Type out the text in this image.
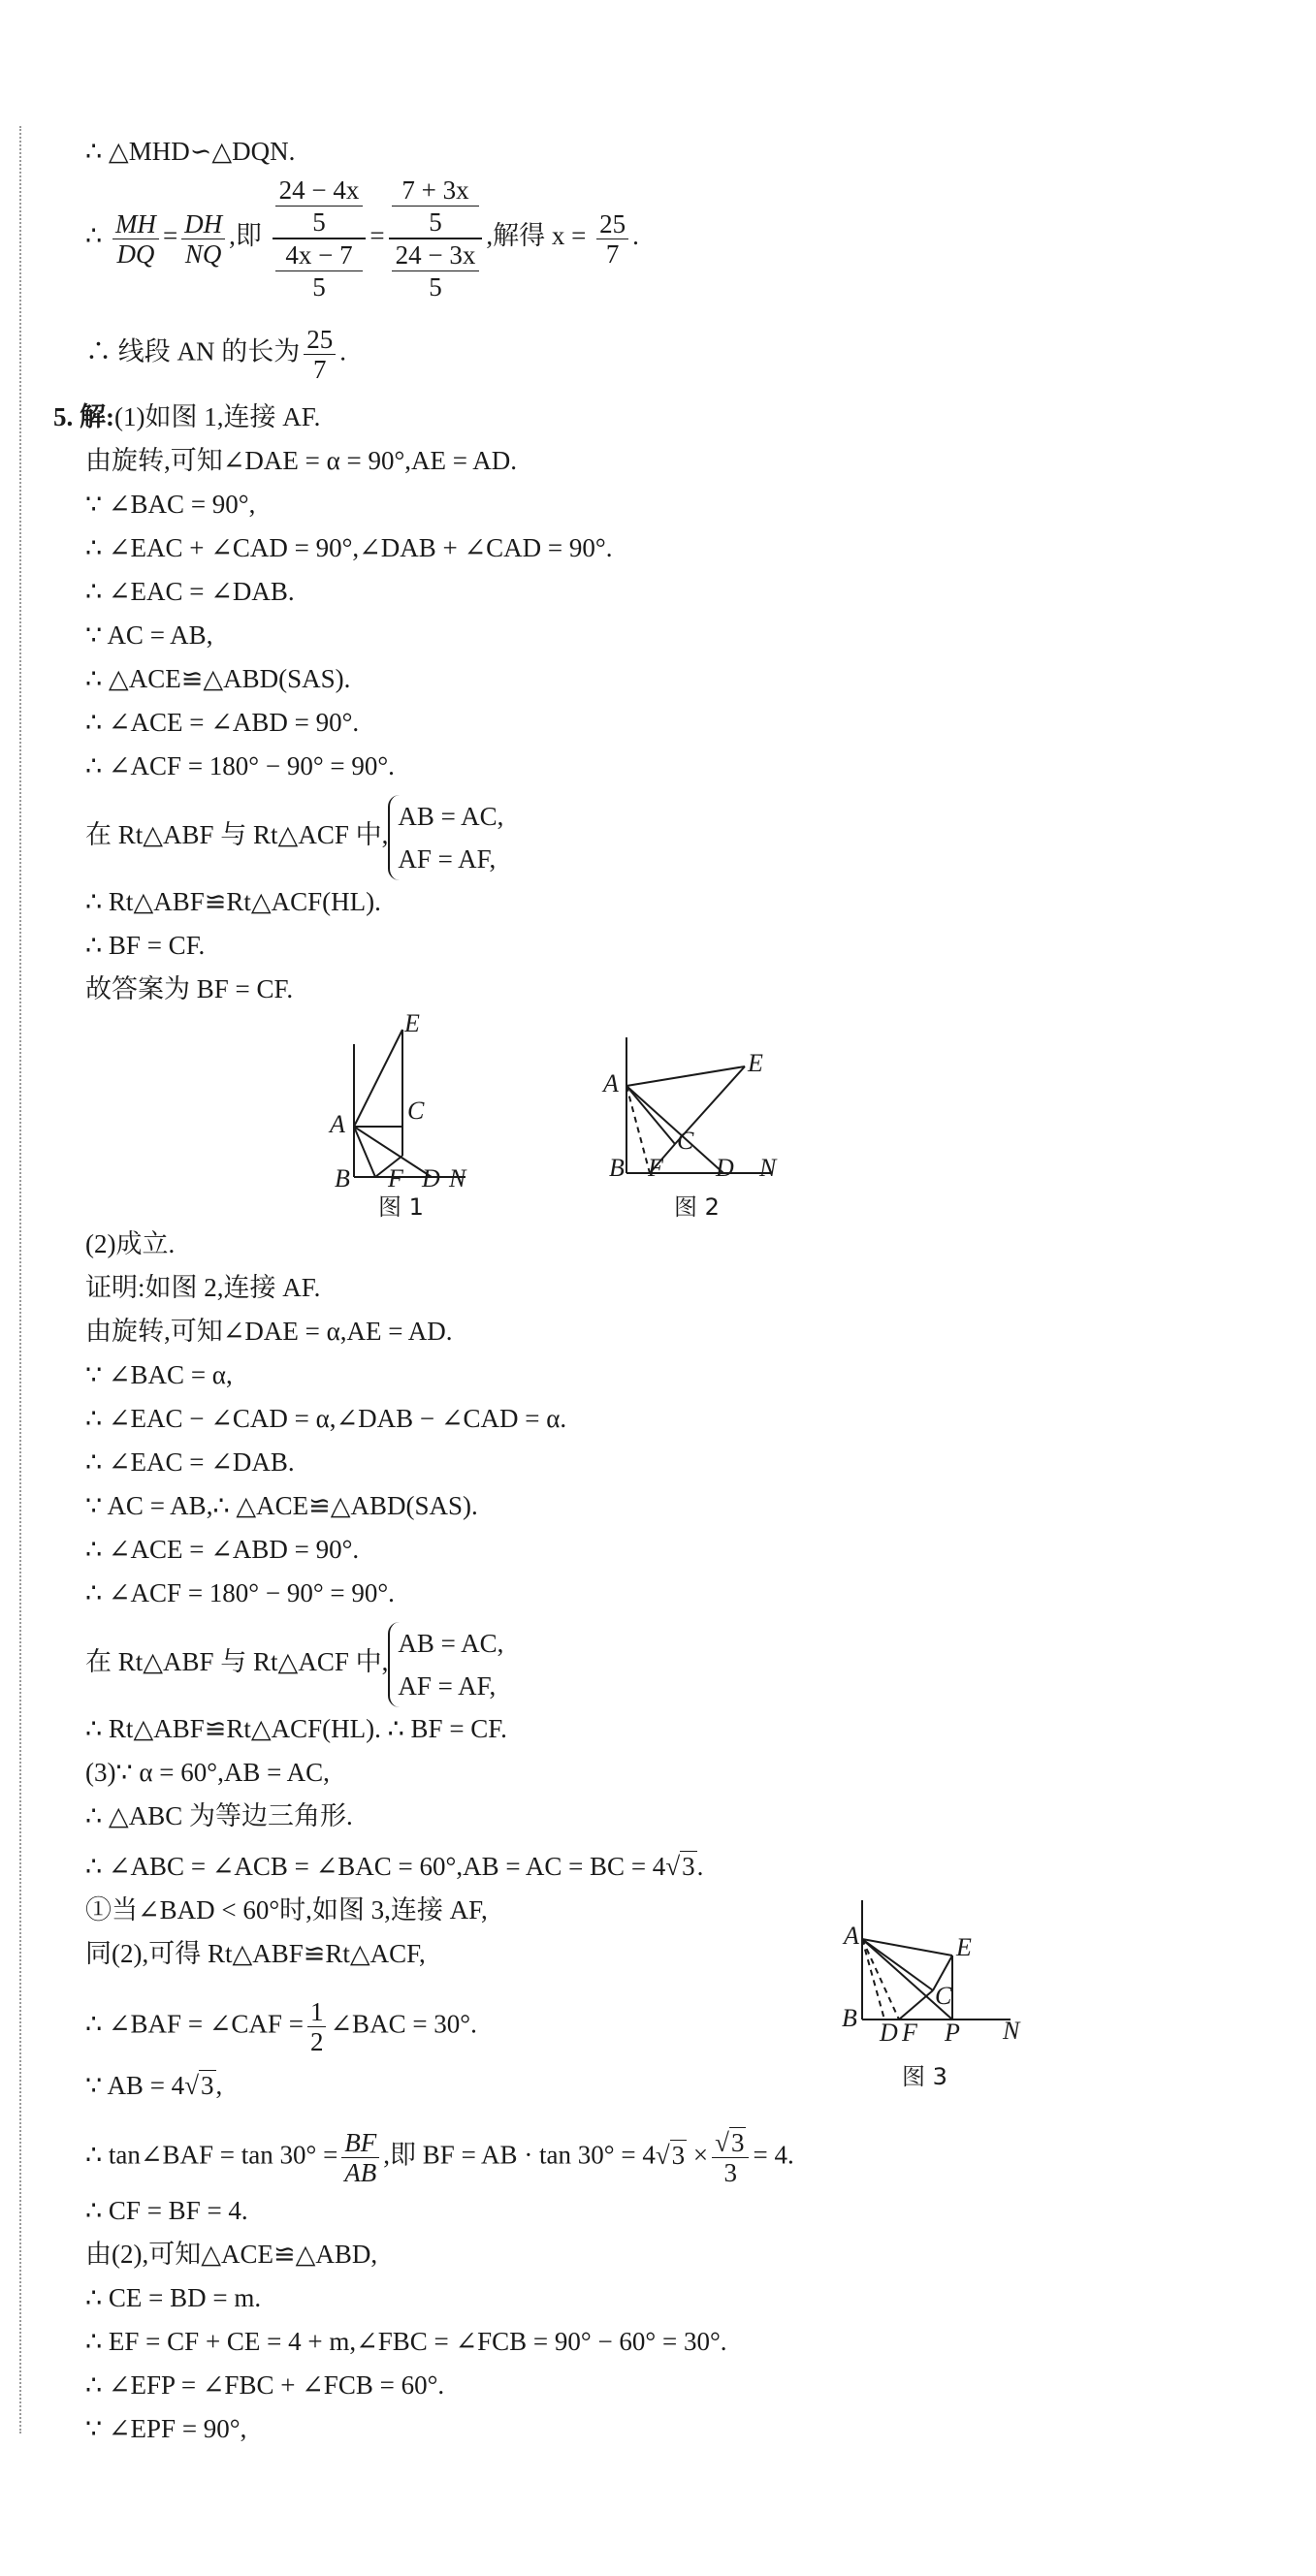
∴ △MHD∽△DQN.
∴ $\frac{MH}{DQ} = \frac{DH}{NQ}$ ,即 24 − 4x
5
4x − 7
5 = 7 + 3x
5
24 − 3x
5 ,解得 $x = \frac{25}{7}$ .
∴ 线段 AN 的长为 $\frac{25}{7}$ .
5. 解:(1)如图 1,连接 AF.
由旋转,可知∠DAE = α = 90°,AE = AD.
∵ ∠BAC = 90°,
∴ ∠EAC + ∠CAD = 90°,∠DAB + ∠CAD = 90°.
∴ ∠EAC = ∠DAB.
∵ AC = AB,
∴ △ACE≌△ABD(SAS).
∴ ∠ACE = ∠ABD = 90°.
∴ ∠ACF = 180° − 90° = 90°.
在 Rt△ABF 与 Rt△ACF 中,
AB = AC,
AF = AF,
∴ Rt△ABF≌Rt△ACF(HL).
∴ BF = CF.
故答案为 BF = CF.
E
A C
B F D N
图 1
A
E
C
B F D N
图 2
(2)成立.
证明:如图 2,连接 AF.
由旋转,可知∠DAE = α,AE = AD.
∵ ∠BAC = α,
∴ ∠EAC − ∠CAD = α,∠DAB − ∠CAD = α.
∴ ∠EAC = ∠DAB.
∵ AC = AB,∴ △ACE≌△ABD(SAS).
∴ ∠ACE = ∠ABD = 90°.
∴ ∠ACF = 180° − 90° = 90°.
在 Rt△ABF 与 Rt△ACF 中,
AB = AC,
AF = AF,
∴ Rt△ABF≌Rt△ACF(HL). ∴ BF = CF.
(3)∵ α = 60°,AB = AC,
∴ △ABC 为等边三角形.
∴ ∠ABC = ∠ACB = ∠BAC = 60°,AB = AC = BC = 4√3.
①当∠BAD < 60°时,如图 3,连接 AF,
同(2),可得 Rt△ABF≌Rt△ACF,
∴ ∠BAF = ∠CAF = $\frac{1}{2}$ ∠BAC = 30°.
∵ AB = 4√3,
∴ tan∠BAF = $\tan 30^\circ = \frac{BF}{AB}$ ,即 BF = AB · $\tan 30^\circ = 4√3 \times \frac{√3}{3} = 4$.
∴ CF = BF = 4.
由(2),可知△ACE≌△ABD,
∴ CE = BD = m.
∴ EF = CF + CE = 4 + m,∠FBC = ∠FCB = 90° − 60° = 30°.
∴ ∠EFP = ∠FBC + ∠FCB = 60°.
∵ ∠EPF = 90°,
A	E
C
B
D F P N
图 3
